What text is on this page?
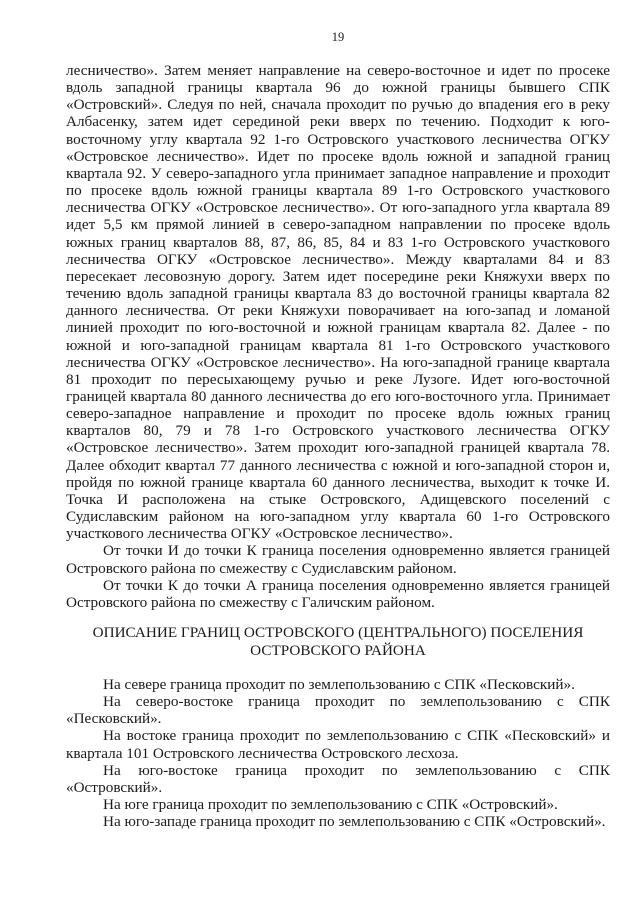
19

лесничество». Затем меняет направление на северо-восточное и идет по просеке вдоль западной границы квартала 96 до южной границы бывшего СПК «Островский». Следуя по ней, сначала проходит по ручью до впадения его в реку Албасенку, затем идет серединой реки вверх по течению. Подходит к юго-восточному углу квартала 92 1-го Островского участкового лесничества ОГКУ «Островское лесничество». Идет по просеке вдоль южной и западной границ квартала 92. У северо-западного угла принимает западное направление и проходит по просеке вдоль южной границы квартала 89 1-го Островского участкового лесничества ОГКУ «Островское лесничество». От юго-западного угла квартала 89 идет 5,5 км прямой линией в северо-западном направлении по просеке вдоль южных границ кварталов 88, 87, 86, 85, 84 и 83 1-го Островского участкового лесничества ОГКУ «Островское лесничество». Между кварталами 84 и 83 пересекает лесовозную дорогу. Затем идет посередине реки Княжухи вверх по течению вдоль западной границы квартала 83 до восточной границы квартала 82 данного лесничества. От реки Княжухи поворачивает на юго-запад и ломаной линией проходит по юго-восточной и южной границам квартала 82. Далее - по южной и юго-западной границам квартала 81 1-го Островского участкового лесничества ОГКУ «Островское лесничество». На юго-западной границе квартала 81 проходит по пересыхающему ручью и реке Лузоге. Идет юго-восточной границей квартала 80 данного лесничества до его юго-восточного угла. Принимает северо-западное направление и проходит по просеке вдоль южных границ кварталов 80, 79 и 78 1-го Островского участкового лесничества ОГКУ «Островское лесничество». Затем проходит юго-западной границей квартала 78. Далее обходит квартал 77 данного лесничества с южной и юго-западной сторон и, пройдя по южной границе квартала 60 данного лесничества, выходит к точке И. Точка И расположена на стыке Островского, Адищевского поселений с Судиславским районом на юго-западном углу квартала 60 1-го Островского участкового лесничества ОГКУ «Островское лесничество».

От точки И до точки К граница поселения одновременно является границей Островского района по смежеству с Судиславским районом.

От точки К до точки А граница поселения одновременно является границей Островского района по смежеству с Галичским районом.

ОПИСАНИЕ ГРАНИЦ ОСТРОВСКОГО (ЦЕНТРАЛЬНОГО) ПОСЕЛЕНИЯ
ОСТРОВСКОГО РАЙОНА

На севере граница проходит по землепользованию с СПК «Песковский».

На северо-востоке граница проходит по землепользованию с СПК «Песковский».

На востоке граница проходит по землепользованию с СПК «Песковский» и квартала 101 Островского лесничества Островского лесхоза.

На юго-востоке граница проходит по землепользованию с СПК «Островский».

На юге граница проходит по землепользованию с СПК «Островский».

На юго-западе граница проходит по землепользованию с СПК «Островский».
